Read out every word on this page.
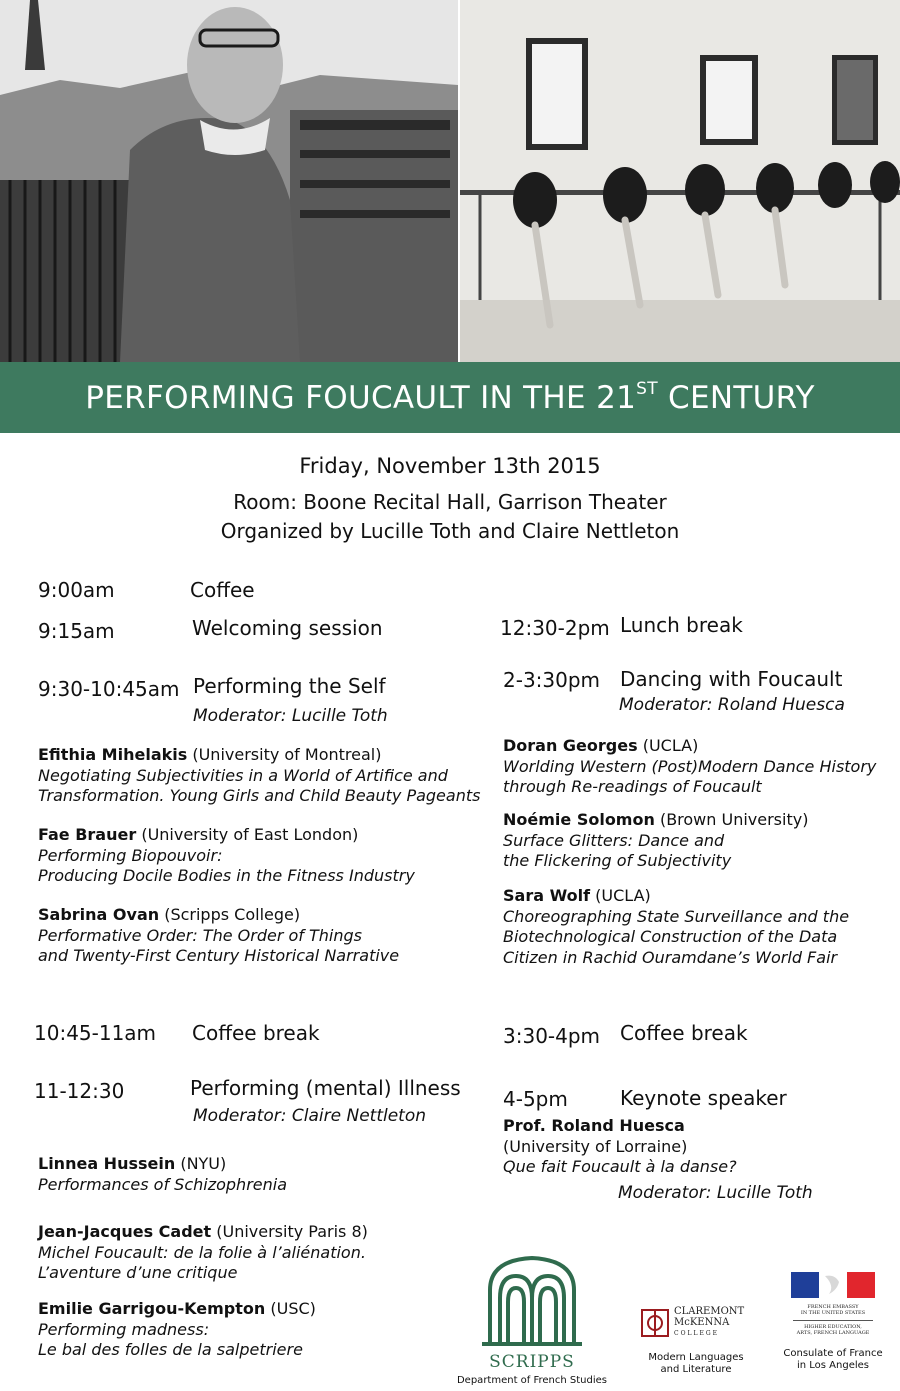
PERFORMING FOUCAULT IN THE 21ST CENTURY
Friday, November 13th 2015
Room: Boone Recital Hall, Garrison Theater
Organized by Lucille Toth and Claire Nettleton
9:00am	Coffee
9:15am	Welcoming session
9:30-10:45am Performing the Self
Moderator: Lucille Toth
Efithia Mihelakis (University of Montreal)
Negotiating Subjectivities in a World of Artifice and
Transformation. Young Girls and Child Beauty Pageants
Fae Brauer (University of East London)
Performing Biopouvoir:
Producing Docile Bodies in the Fitness Industry
Sabrina Ovan (Scripps College)
Performative Order: The Order of Things
and Twenty-First Century Historical Narrative
10:45-11am Coffee break
11-12:30	Performing (mental) Illness
Moderator: Claire Nettleton
Linnea Hussein (NYU)
Performances of Schizophrenia
Jean-Jacques Cadet (University Paris 8)
Michel Foucault: de la folie à l’aliénation.
L’aventure d’une critique
Emilie Garrigou-Kempton (USC)
Performing madness:
Le bal des folles de la salpetriere
12:30-2pm Lunch break
2-3:30pm Dancing with Foucault
Moderator: Roland Huesca
Doran Georges (UCLA)
Worlding Western (Post)Modern Dance History
through Re-readings of Foucault
Noémie Solomon (Brown University)
Surface Glitters: Dance and
the Flickering of Subjectivity
Sara Wolf (UCLA)
Choreographing State Surveillance and the
Biotechnological Construction of the Data
Citizen in Rachid Ouramdane’s World Fair
3:30-4pm Coffee break
4-5pm	Keynote speaker
Prof. Roland Huesca
(University of Lorraine)
Que fait Foucault à la danse?
Moderator: Lucille Toth
SCRIPPS
Department of French Studies
CLAREMONT
McKENNA
COLLEGE
Modern Languages
and Literature
FRENCH EMBASSY
IN THE UNITED STATES
HIGHER EDUCATION,
ARTS, FRENCH LANGUAGE
Consulate of France
in Los Angeles
